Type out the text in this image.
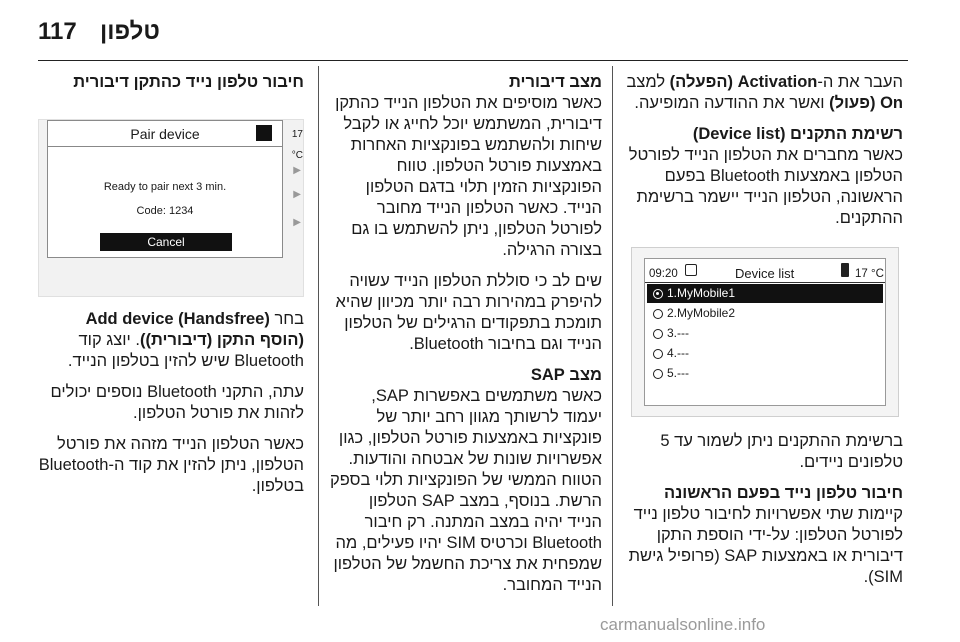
117 טלפון

העבר את ה-Activation (הפעלה) למצב On (פעול) ואשר את ההודעה המופיעה.

רשימת התקנים (Device list)
כאשר מחברים את הטלפון הנייד לפורטל הטלפון באמצעות Bluetooth בפעם הראשונה, הטלפון הנייד יישמר ברשימת ההתקנים.

09:20	Device list	17 °C
1.MyMobile1
2.MyMobile2
3.---
4.---
5.---

ברשימת ההתקנים ניתן לשמור עד 5 טלפונים ניידים.

חיבור טלפון נייד בפעם הראשונה
קיימות שתי אפשרויות לחיבור טלפון נייד לפורטל הטלפון: על-ידי הוספת התקן דיבורית או באמצעות SAP (פרופיל גישת SIM).

מצב דיבורית
כאשר מוסיפים את הטלפון הנייד כהתקן דיבורית, המשתמש יוכל לחייג או לקבל שיחות ולהשתמש בפונקציות האחרות באמצעות פורטל הטלפון. טווח הפונקציות הזמין תלוי בדגם הטלפון הנייד. כאשר הטלפון הנייד מחובר לפורטל הטלפון, ניתן להשתמש בו גם בצורה הרגילה.

שים לב כי סוללת הטלפון הנייד עשויה להיפרק במהירות רבה יותר מכיוון שהיא תומכת בתפקודים הרגילים של הטלפון הנייד וגם בחיבור Bluetooth.

מצב SAP
כאשר משתמשים באפשרות SAP, יעמוד לרשותך מגוון רחב יותר של פונקציות באמצעות פורטל הטלפון, כגון אפשרויות שונות של אבטחה והודעות. הטווח הממשי של הפונקציות תלוי בספק הרשת. בנוסף, במצב SAP הטלפון הנייד יהיה במצב המתנה. רק חיבור Bluetooth וכרטיס SIM יהיו פעילים, מה שמפחית את צריכת החשמל של הטלפון הנייד המחובר.

חיבור טלפון נייד כהתקן דיבורית

Pair device
Ready to pair next 3 min.
Code: 1234
Cancel
17 °C
▶
▶
▶

בחר Add device (Handsfree) (הוסף התקן (דיבורית)). יוצג קוד Bluetooth שיש להזין בטלפון הנייד.

עתה, התקני Bluetooth נוספים יכולים לזהות את פורטל הטלפון.

כאשר הטלפון הנייד מזהה את פורטל הטלפון, ניתן להזין את קוד ה-Bluetooth בטלפון.

carmanualsonline.info
